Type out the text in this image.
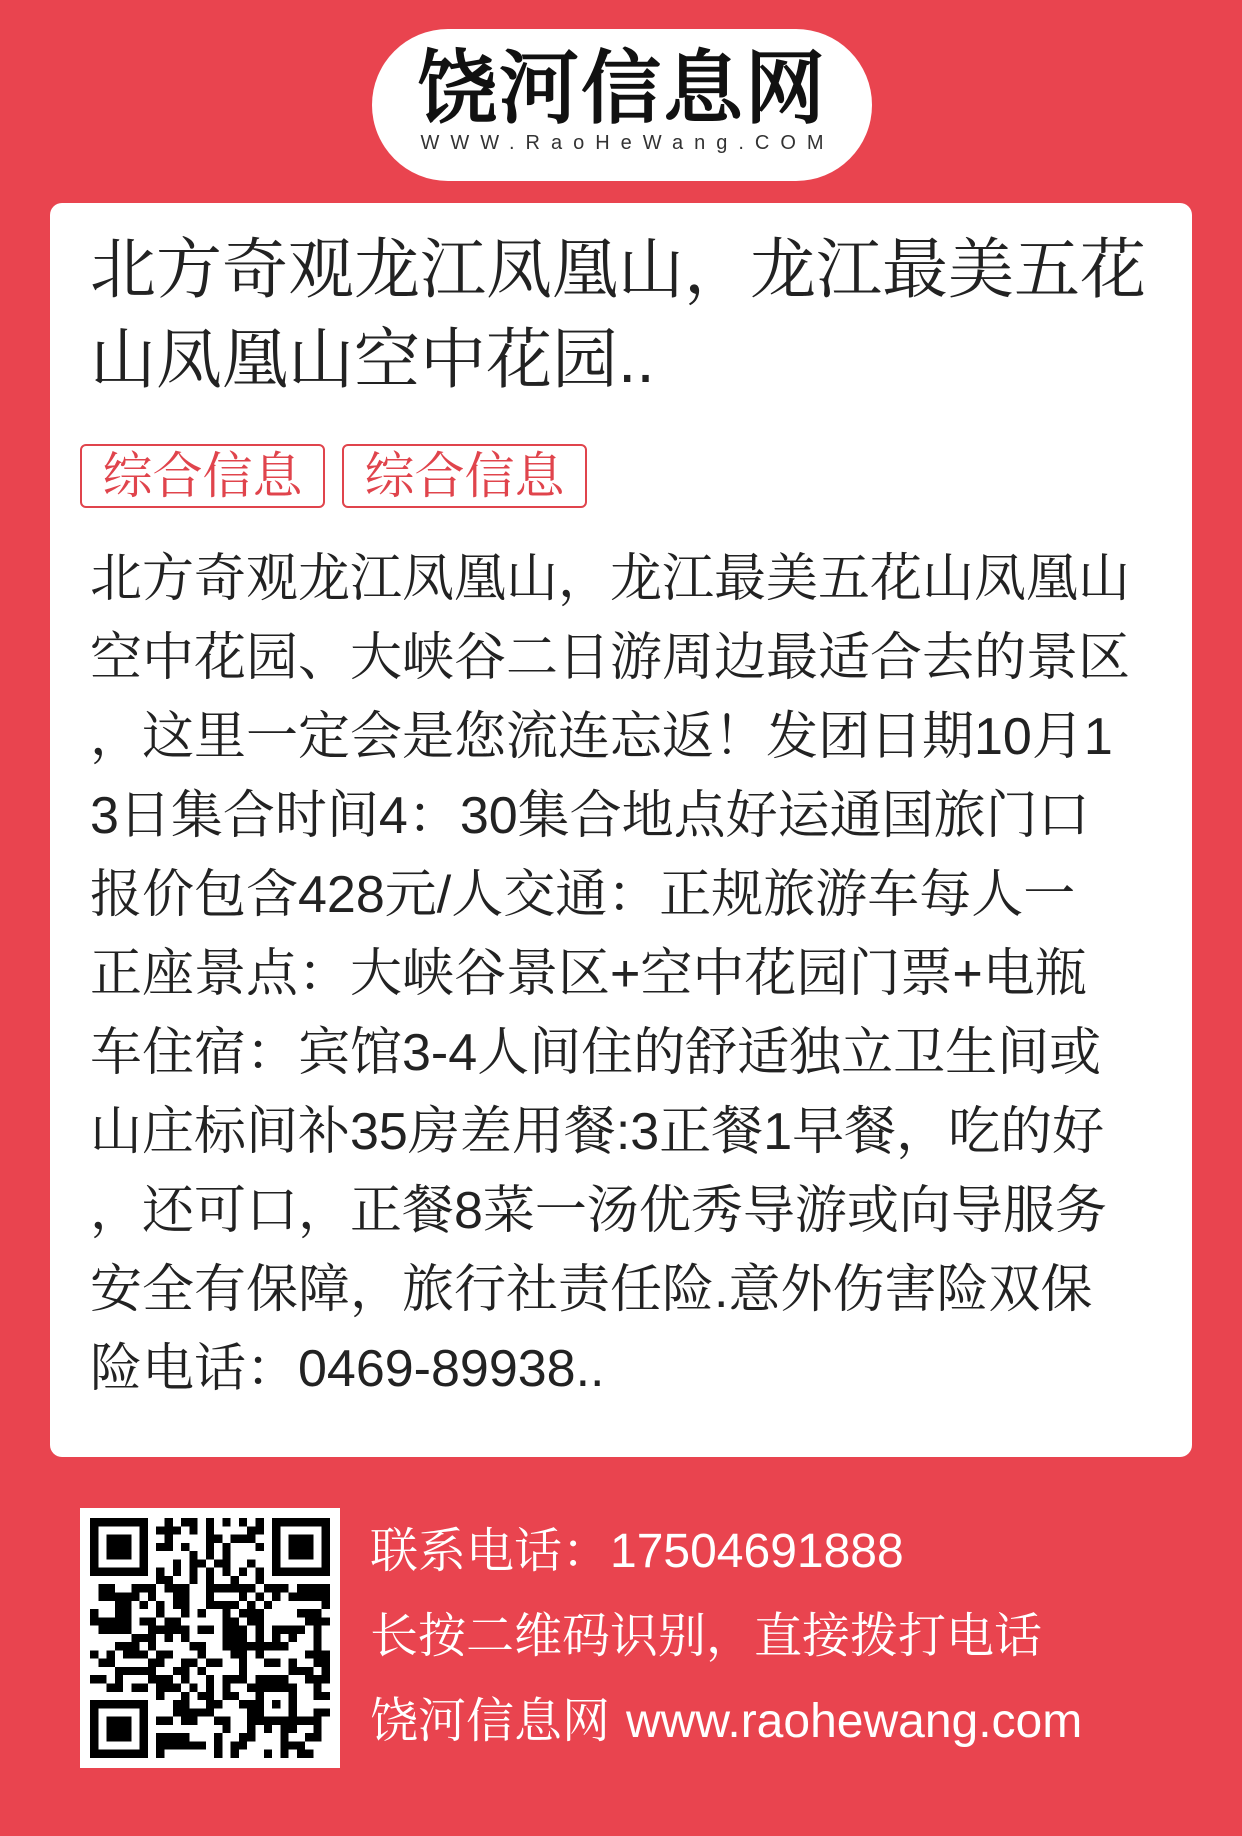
饶河信息网
WWW.RaoHeWang.COM
北方奇观龙江凤凰山，龙江最美五花
山凤凰山空中花园..
综合信息	综合信息
北方奇观龙江凤凰山，龙江最美五花山凤凰山
空中花园、大峡谷二日游周边最适合去的景区
，这里一定会是您流连忘返！发团日期10月1
3日集合时间4：30集合地点好运通国旅门口
报价包含428元/人交通：正规旅游车每人一
正座景点：大峡谷景区+空中花园门票+电瓶
车住宿：宾馆3-4人间住的舒适独立卫生间或
山庄标间补35房差用餐:3正餐1早餐，吃的好
，还可口，正餐8菜一汤优秀导游或向导服务
安全有保障，旅行社责任险.意外伤害险双保
险电话：0469-89938..
联系电话：17504691888
长按二维码识别，直接拨打电话
饶河信息网 www.raohewang.com
